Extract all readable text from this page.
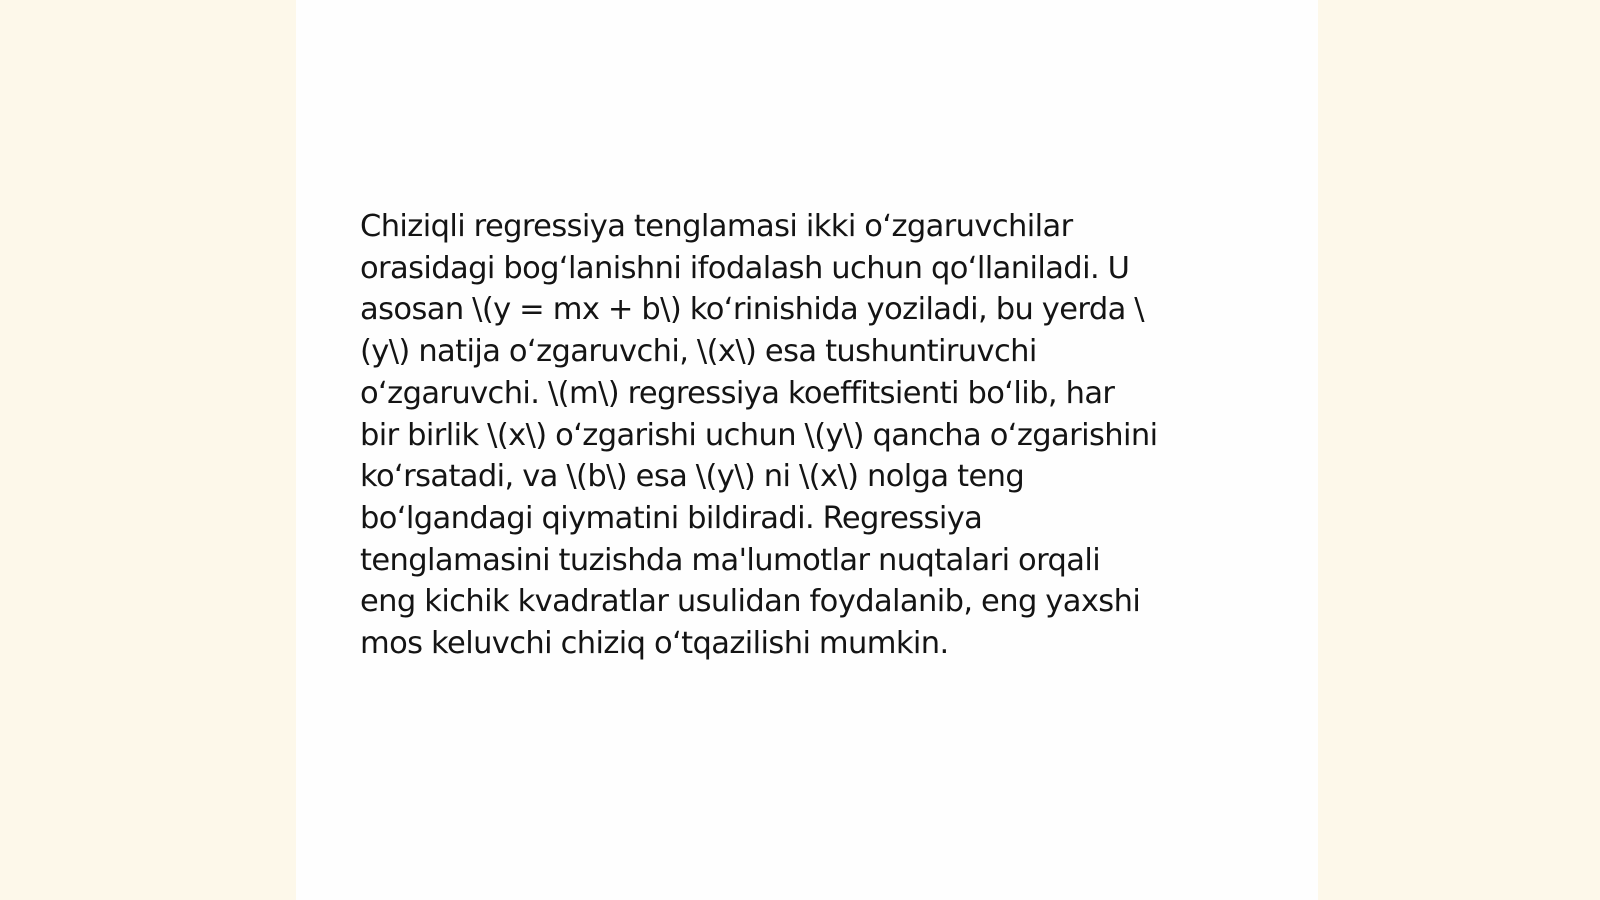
Chiziqli regressiya tenglamasi ikki oʻzgaruvchilar
orasidagi bogʻlanishni ifodalash uchun qoʻllaniladi. U
asosan \(y = mx + b\) koʻrinishida yoziladi, bu yerda \
(y\) natija oʻzgaruvchi, \(x\) esa tushuntiruvchi
oʻzgaruvchi. \(m\) regressiya koeffitsienti boʻlib, har
bir birlik \(x\) oʻzgarishi uchun \(y\) qancha oʻzgarishini
koʻrsatadi, va \(b\) esa \(y\) ni \(x\) nolga teng
boʻlgandagi qiymatini bildiradi. Regressiya
tenglamasini tuzishda ma'lumotlar nuqtalari orqali
eng kichik kvadratlar usulidan foydalanib, eng yaxshi
mos keluvchi chiziq oʻtqazilishi mumkin.
